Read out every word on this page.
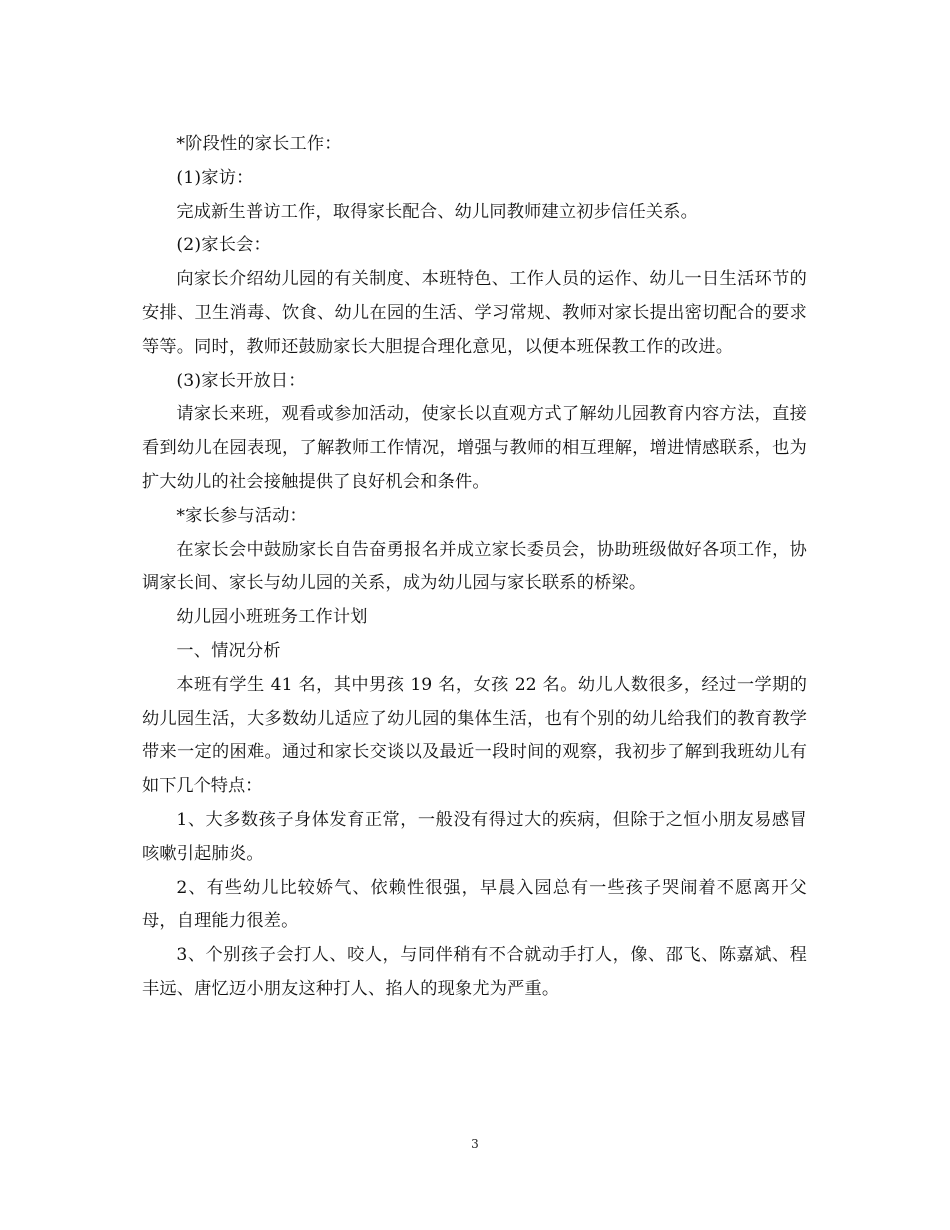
*阶段性的家长工作：

(1)家访：

完成新生普访工作，取得家长配合、幼儿同教师建立初步信任关系。

(2)家长会：

向家长介绍幼儿园的有关制度、本班特色、工作人员的运作、幼儿一日生活环节的安排、卫生消毒、饮食、幼儿在园的生活、学习常规、教师对家长提出密切配合的要求等等。同时，教师还鼓励家长大胆提合理化意见，以便本班保教工作的改进。

(3)家长开放日：

请家长来班，观看或参加活动，使家长以直观方式了解幼儿园教育内容方法，直接看到幼儿在园表现，了解教师工作情况，增强与教师的相互理解，增进情感联系，也为扩大幼儿的社会接触提供了良好机会和条件。

*家长参与活动：

在家长会中鼓励家长自告奋勇报名并成立家长委员会，协助班级做好各项工作，协调家长间、家长与幼儿园的关系，成为幼儿园与家长联系的桥梁。

幼儿园小班班务工作计划

一、情况分析

本班有学生 41 名，其中男孩 19 名，女孩 22 名。幼儿人数很多，经过一学期的幼儿园生活，大多数幼儿适应了幼儿园的集体生活，也有个别的幼儿给我们的教育教学带来一定的困难。通过和家长交谈以及最近一段时间的观察，我初步了解到我班幼儿有如下几个特点：

1、大多数孩子身体发育正常，一般没有得过大的疾病，但除于之恒小朋友易感冒咳嗽引起肺炎。

2、有些幼儿比较娇气、依赖性很强，早晨入园总有一些孩子哭闹着不愿离开父母，自理能力很差。

3、个别孩子会打人、咬人，与同伴稍有不合就动手打人，像、邵飞、陈嘉斌、程丰远、唐忆迈小朋友这种打人、掐人的现象尤为严重。

3
